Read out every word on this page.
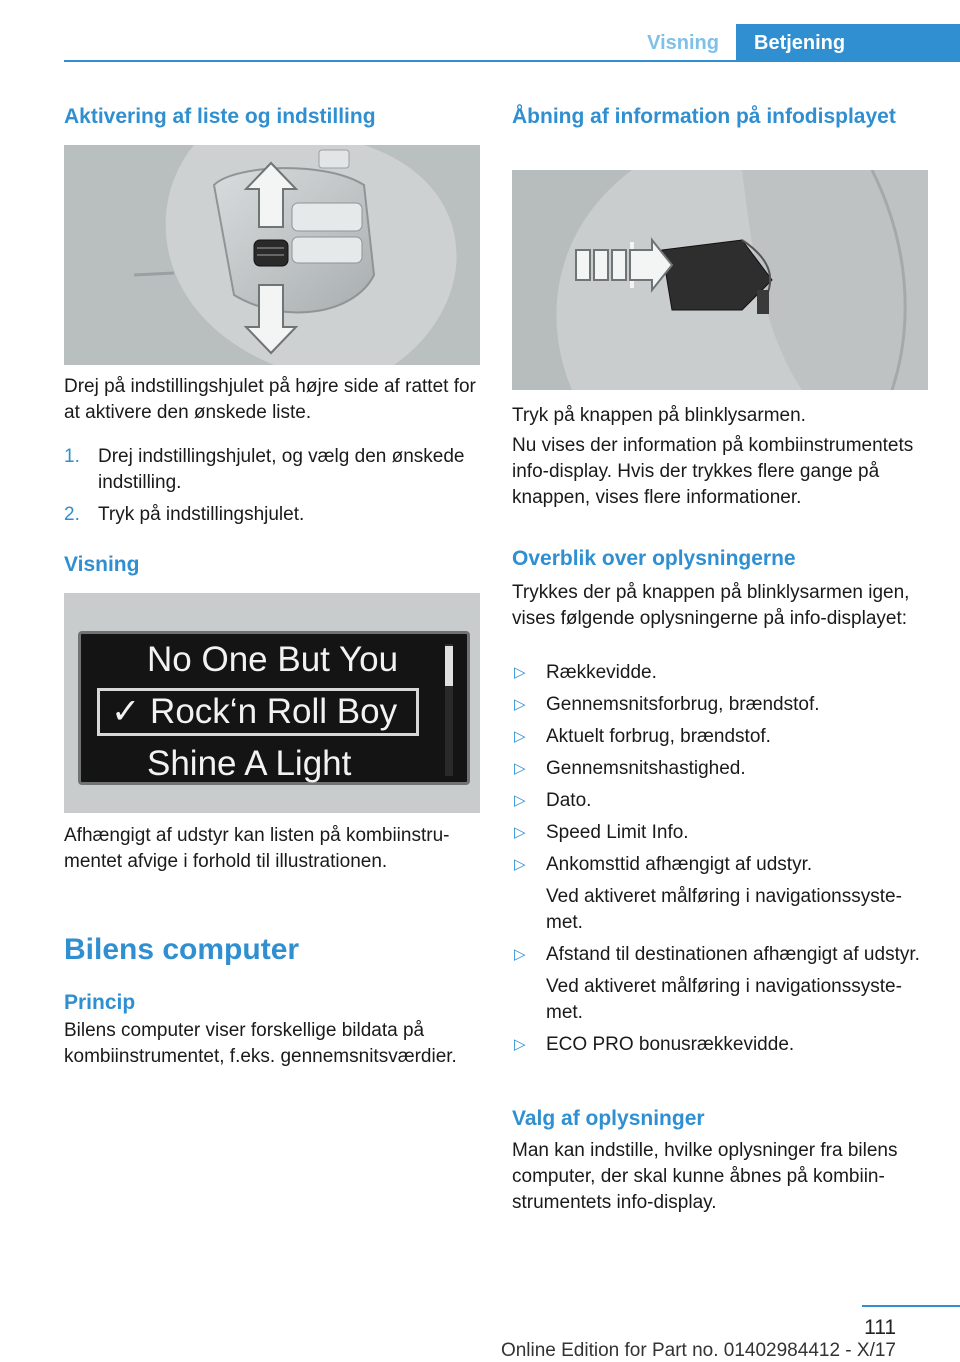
Visning	Betjening
Aktivering af liste og indstilling

Drej på indstillingshjulet på højre side af rattet for at aktivere den ønskede liste.

1. Drej indstillingshjulet, og vælg den ønskede indstilling.
2. Tryk på indstillingshjulet.
Visning
No One But You
✓ Rock‘n Roll Boy
Shine A Light

Afhængigt af udstyr kan listen på kombiinstrumentet afvige i forhold til illustrationen.

Bilens computer
Princip

Bilens computer viser forskellige bildata på kombiinstrumentet, f.eks. gennemsnitsværdier.

Åbning af information på infodisplayet

Tryk på knappen på blinklysarmen.

Nu vises der information på kombiinstrumentets info-display. Hvis der trykkes flere gange på knappen, vises flere informationer.

Overblik over oplysningerne

Trykkes der på knappen på blinklysarmen igen, vises følgende oplysningerne på info-displayet:

▷ Rækkevidde.
▷ Gennemsnitsforbrug, brændstof.
▷ Aktuelt forbrug, brændstof.
▷ Gennemsnitshastighed.
▷ Dato.
▷ Speed Limit Info.
▷ Ankomsttid afhængigt af udstyr.
Ved aktiveret målføring i navigationssystemet.
▷ Afstand til destinationen afhængigt af udstyr.
Ved aktiveret målføring i navigationssystemet.
▷ ECO PRO bonusrækkevidde.
Valg af oplysninger

Man kan indstille, hvilke oplysninger fra bilens computer, der skal kunne åbnes på kombiinstrumentets info-display.

111
Online Edition for Part no. 01402984412 - X/17
